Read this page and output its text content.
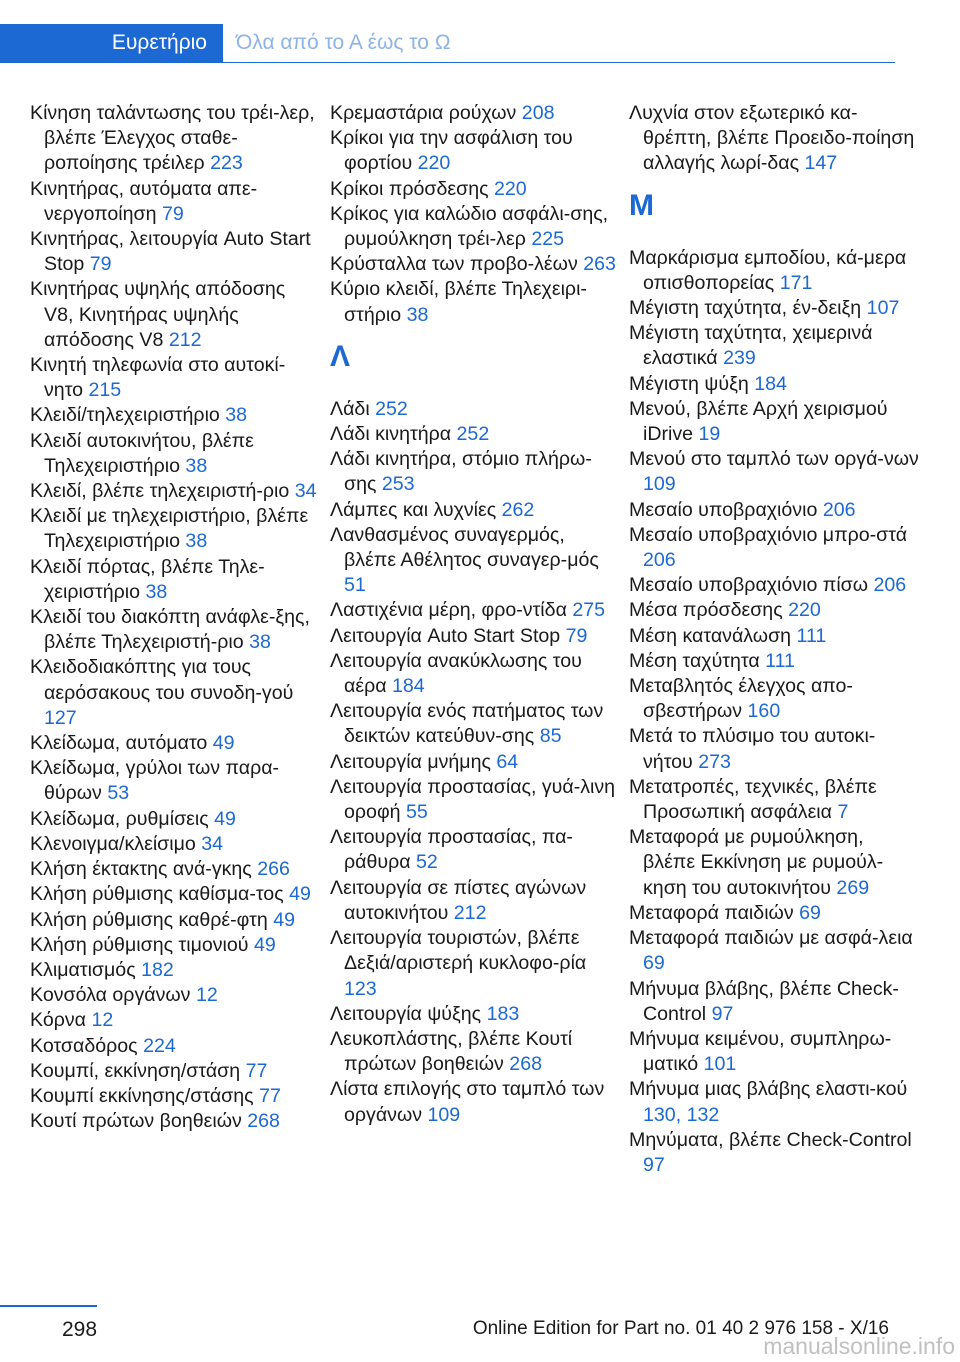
Ευρετήριο	Όλα από το Α έως το Ω
Κίνηση ταλάντωσης του τρέι-λερ, βλέπε Έλεγχος σταθε-ροποίησης τρέιλερ 223
Κινητήρας, αυτόματα απε-νεργοποίηση 79
Κινητήρας, λειτουργία Auto Start Stop 79
Κινητήρας υψηλής απόδοσης V8, Κινητήρας υψηλής απόδοσης V8 212
Κινητή τηλεφωνία στο αυτοκί-νητο 215
Κλειδί/τηλεχειριστήριο 38
Κλειδί αυτοκινήτου, βλέπε Τηλεχειριστήριο 38
Κλειδί, βλέπε τηλεχειριστή-ριο 34
Κλειδί με τηλεχειριστήριο, βλέπε Τηλεχειριστήριο 38
Κλειδί πόρτας, βλέπε Τηλε-χειριστήριο 38
Κλειδί του διακόπτη ανάφλε-ξης, βλέπε Τηλεχειριστή-ριο 38
Κλειδοδιακόπτης για τους αερόσακους του συνοδη-γού 127
Κλείδωμα, αυτόματο 49
Κλείδωμα, γρύλοι των παρα-θύρων 53
Κλείδωμα, ρυθμίσεις 49
Κλενοιγμα/κλείσιμο 34
Κλήση έκτακτης ανά-γκης 266
Κλήση ρύθμισης καθίσμα-τος 49
Κλήση ρύθμισης καθρέ-φτη 49
Κλήση ρύθμισης τιμονιού 49
Κλιματισμός 182
Κονσόλα οργάνων 12
Κόρνα 12
Κοτσαδόρος 224
Κουμπί, εκκίνηση/στάση 77
Κουμπί εκκίνησης/στάσης 77
Κουτί πρώτων βοηθειών 268
Κρεμαστάρια ρούχων 208
Κρίκοι για την ασφάλιση του φορτίου 220
Κρίκοι πρόσδεσης 220
Κρίκος για καλώδιο ασφάλι-σης, ρυμούλκηση τρέι-λερ 225
Κρύσταλλα των προβο-λέων 263
Κύριο κλειδί, βλέπε Τηλεχειρι-στήριο 38
Λ
Λάδι 252
Λάδι κινητήρα 252
Λάδι κινητήρα, στόμιο πλήρω-σης 253
Λάμπες και λυχνίες 262
Λανθασμένος συναγερμός, βλέπε Αθέλητος συναγερ-μός 51
Λαστιχένια μέρη, φρο-ντίδα 275
Λειτουργία Auto Start Stop 79
Λειτουργία ανακύκλωσης του αέρα 184
Λειτουργία ενός πατήματος των δεικτών κατεύθυν-σης 85
Λειτουργία μνήμης 64
Λειτουργία προστασίας, γυά-λινη οροφή 55
Λειτουργία προστασίας, πα-ράθυρα 52
Λειτουργία σε πίστες αγώνων αυτοκινήτου 212
Λειτουργία τουριστών, βλέπε Δεξιά/αριστερή κυκλοφο-ρία 123
Λειτουργία ψύξης 183
Λευκοπλάστης, βλέπε Κουτί πρώτων βοηθειών 268
Λίστα επιλογής στο ταμπλό των οργάνων 109
Λυχνία στον εξωτερικό κα-θρέπτη, βλέπε Προειδο-ποίηση αλλαγής λωρί-δας 147
Μ
Μαρκάρισμα εμποδίου, κά-μερα οπισθοπορείας 171
Μέγιστη ταχύτητα, έν-δειξη 107
Μέγιστη ταχύτητα, χειμερινά ελαστικά 239
Μέγιστη ψύξη 184
Μενού, βλέπε Αρχή χειρισμού iDrive 19
Μενού στο ταμπλό των οργά-νων 109
Μεσαίο υποβραχιόνιο 206
Μεσαίο υποβραχιόνιο μπρο-στά 206
Μεσαίο υποβραχιόνιο πίσω 206
Μέσα πρόσδεσης 220
Μέση κατανάλωση 111
Μέση ταχύτητα 111
Μεταβλητός έλεγχος απο-σβεστήρων 160
Μετά το πλύσιμο του αυτοκι-νήτου 273
Μετατροπές, τεχνικές, βλέπε Προσωπική ασφάλεια 7
Μεταφορά με ρυμούλκηση, βλέπε Εκκίνηση με ρυμούλ-κηση του αυτοκινήτου 269
Μεταφορά παιδιών 69
Μεταφορά παιδιών με ασφά-λεια 69
Μήνυμα βλάβης, βλέπε Check-Control 97
Μήνυμα κειμένου, συμπληρω-ματικό 101
Μήνυμα μιας βλάβης ελαστι-κού 130, 132
Μηνύματα, βλέπε Check-Control 97
298	Online Edition for Part no. 01 40 2 976 158 - X/16
manualsonline.info
